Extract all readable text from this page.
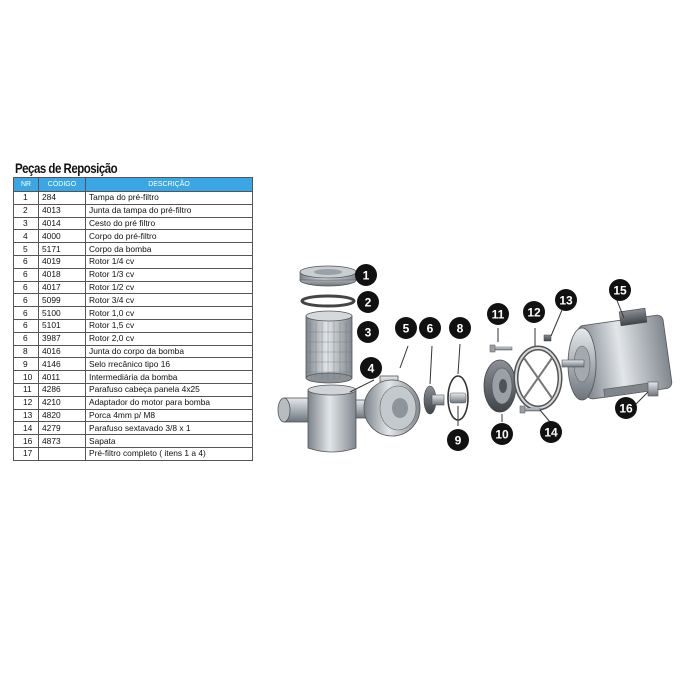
Peças de Reposição
NR	CÓDIGO	DESCRIÇÃO
1	284	Tampa do pré-filtro
2	4013	Junta da tampa do pré-filtro
3	4014	Cesto do pré filtro
4	4000	Corpo do pré-filtro
5	5171	Corpo da bomba
6	4019	Rotor 1/4 cv
6	4018	Rotor 1/3 cv
6	4017	Rotor 1/2 cv
6	5099	Rotor 3/4 cv
6	5100	Rotor 1,0 cv
6	5101	Rotor 1,5 cv
6	3987	Rotor 2,0 cv
8	4016	Junta do corpo da bomba
9	4146	Selo rrecânico tipo 16
10	4011	Intermediária da bomba
11	4286	Parafuso cabeça panela 4x25
12	4210	Adaptador do motor para bomba
13	4820	Porca 4mm p/ M8
14	4279	Parafuso sextavado 3/8 x 1
16	4873	Sapata
17		Pré-filtro completo ( itens 1 a 4)
1
2
3
4
5 6 8
9	10
11 12
13
14
15
16
